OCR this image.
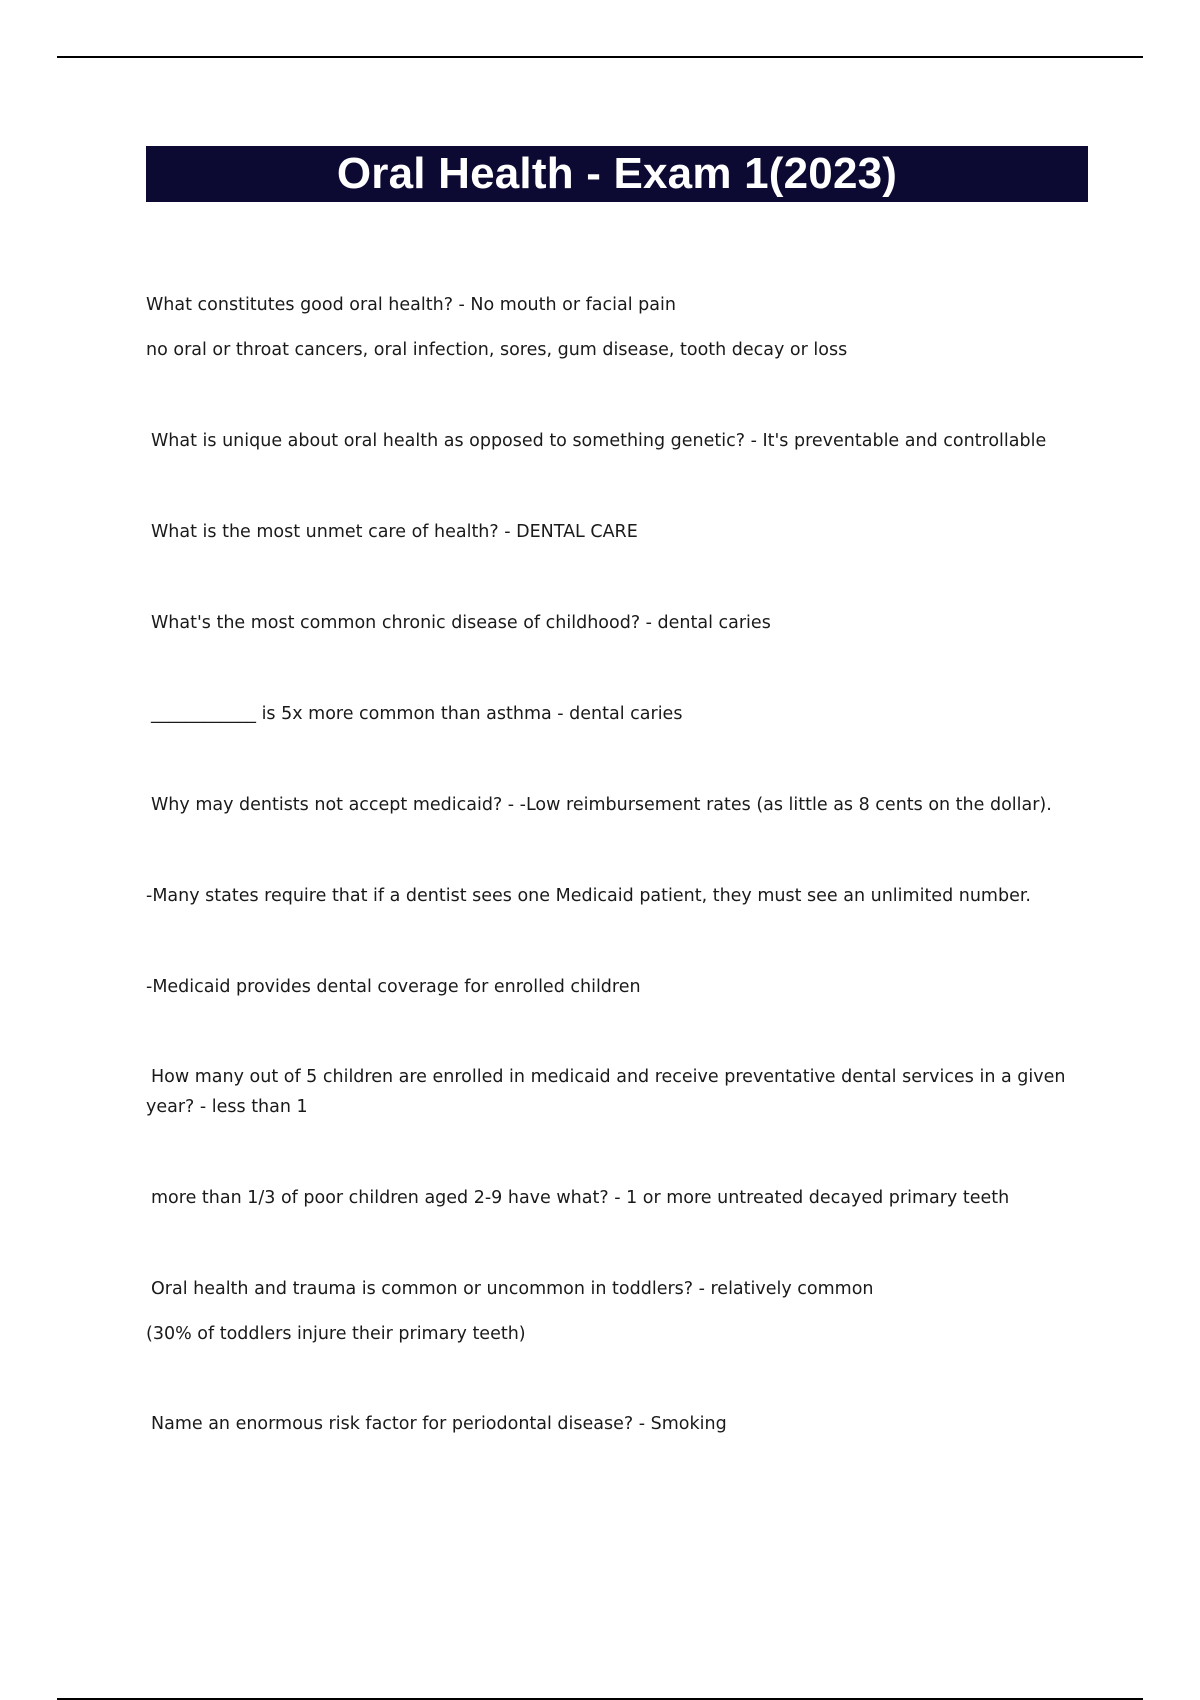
Oral Health - Exam 1(2023)
What constitutes good oral health? - No mouth or facial pain
no oral or throat cancers, oral infection, sores, gum disease, tooth decay or loss
What is unique about oral health as opposed to something genetic? - It's preventable and controllable
What is the most unmet care of health? - DENTAL CARE
What's the most common chronic disease of childhood? - dental caries
____________ is 5x more common than asthma - dental caries
Why may dentists not accept medicaid? - -Low reimbursement rates (as little as 8 cents on the dollar).
-Many states require that if a dentist sees one Medicaid patient, they must see an unlimited number.
-Medicaid provides dental coverage for enrolled children
How many out of 5 children are enrolled in medicaid and receive preventative dental services in a given year? - less than 1
more than 1/3 of poor children aged 2-9 have what? - 1 or more untreated decayed primary teeth
Oral health and trauma is common or uncommon in toddlers? - relatively common
(30% of toddlers injure their primary teeth)
Name an enormous risk factor for periodontal disease? - Smoking
